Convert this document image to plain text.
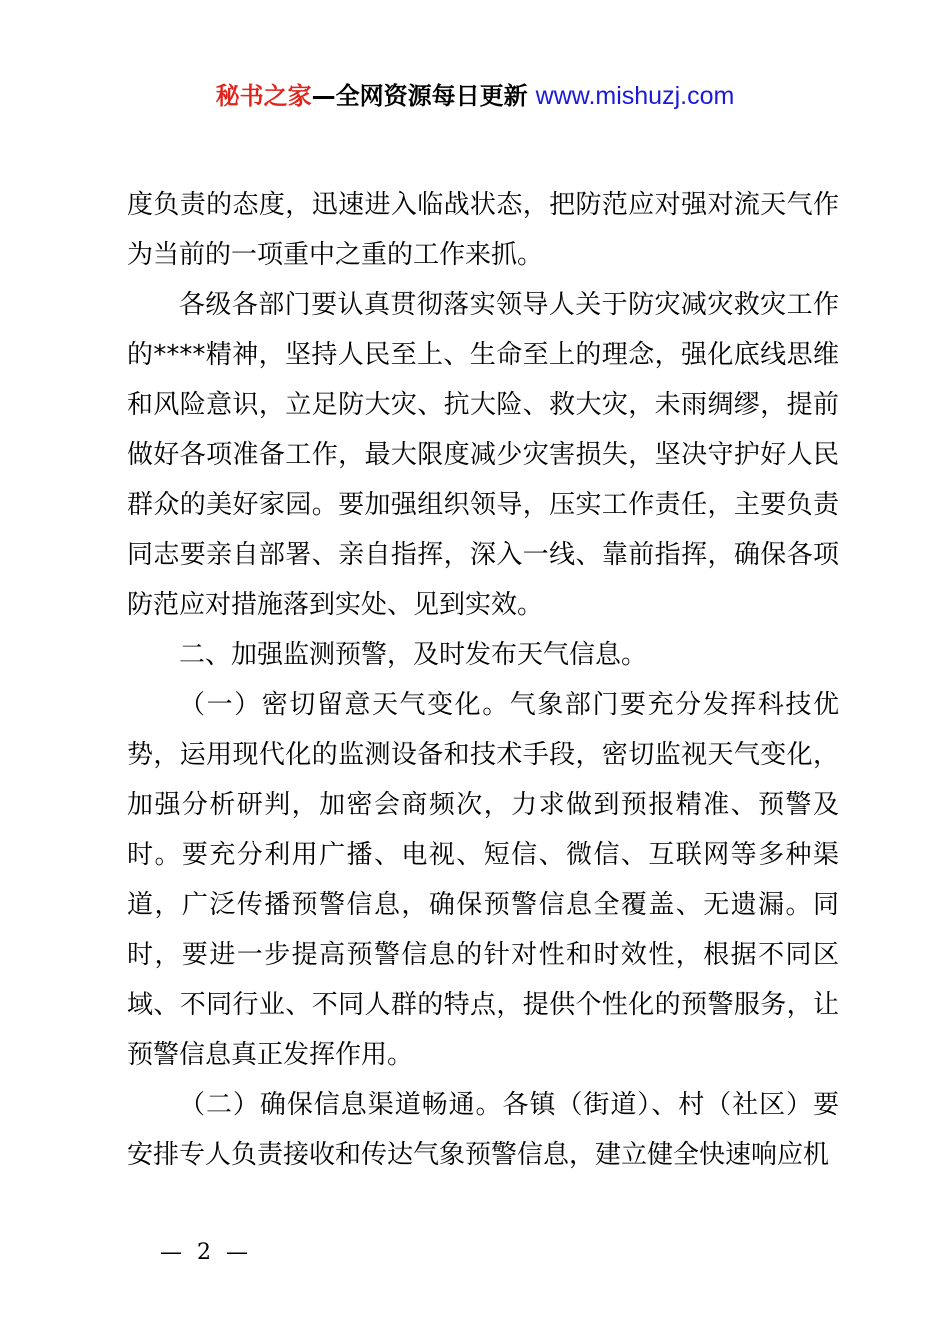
秘书之家—全网资源每日更新 www.mishuzj.com

度负责的态度，迅速进入临战状态，把防范应对强对流天气作为当前的一项重中之重的工作来抓。

各级各部门要认真贯彻落实领导人关于防灾减灾救灾工作的****精神，坚持人民至上、生命至上的理念，强化底线思维和风险意识，立足防大灾、抗大险、救大灾，未雨绸缪，提前做好各项准备工作，最大限度减少灾害损失，坚决守护好人民群众的美好家园。要加强组织领导，压实工作责任，主要负责同志要亲自部署、亲自指挥，深入一线、靠前指挥，确保各项防范应对措施落到实处、见到实效。

二、加强监测预警，及时发布天气信息。

（一）密切留意天气变化。气象部门要充分发挥科技优势，运用现代化的监测设备和技术手段，密切监视天气变化，加强分析研判，加密会商频次，力求做到预报精准、预警及时。要充分利用广播、电视、短信、微信、互联网等多种渠道，广泛传播预警信息，确保预警信息全覆盖、无遗漏。同时，要进一步提高预警信息的针对性和时效性，根据不同区域、不同行业、不同人群的特点，提供个性化的预警服务，让预警信息真正发挥作用。

（二）确保信息渠道畅通。各镇（街道）、村（社区）要安排专人负责接收和传达气象预警信息，建立健全快速响应机

— 2 —
